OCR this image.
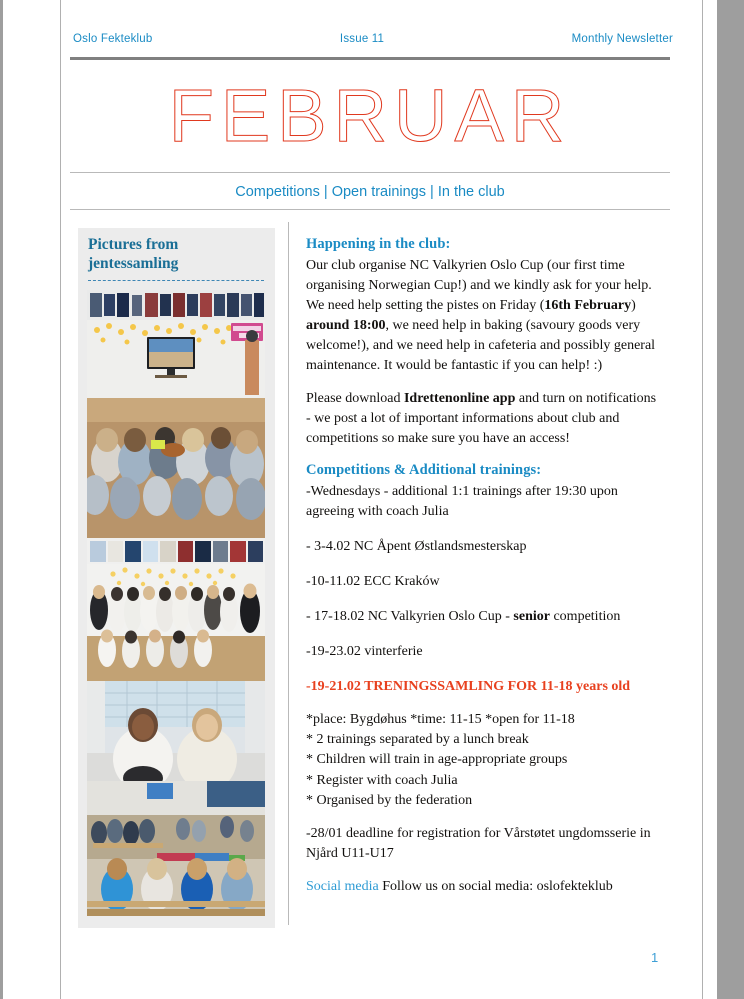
Oslo Fekteklub	Issue 11	Monthly Newsletter
FEBRUAR
Competitions | Open trainings | In the club
Pictures from jentessamling
Happening in the club:

Our club organise NC Valkyrien Oslo Cup (our first time organising Norwegian Cup!) and we kindly ask for your help. We need help setting the pistes on Friday (16th February) around 18:00, we need help in baking (savoury goods very welcome!), and we need help in cafeteria and possibly general maintenance. It would be fantastic if you can help! :)

Please download Idrettenonline app and turn on notifications - we post a lot of important informations about club and competitions so make sure you have an access!

Competitions & Additional trainings:

-Wednesdays - additional 1:1 trainings after 19:30 upon agreeing with coach Julia

- 3-4.02 NC Åpent Østlandsmesterskap

-10-11.02 ECC Kraków

- 17-18.02 NC Valkyrien Oslo Cup - senior competition

-19-23.02 vinterferie

-19-21.02 TRENINGSSAMLING FOR 11-18 years old

*place: Bygdøhus *time: 11-15 *open for 11-18

* 2 trainings separated by a lunch break

* Children will train in age-appropriate groups

* Register with coach Julia

* Organised by the federation

-28/01 deadline for registration for Vårstøtet ungdomsserie in Njård U11-U17

Social media Follow us on social media: oslofekteklub

1
